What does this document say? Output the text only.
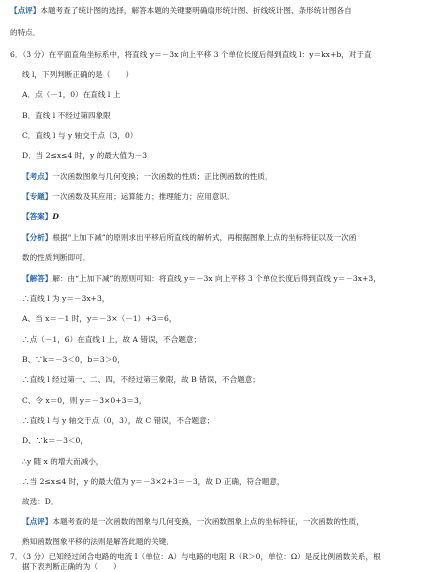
【点评】本题考查了统计图的选择，解答本题的关键要明确扇形统计图、折线统计图、条形统计图各自
的特点．
6．（3 分）在平面直角坐标系中，将直线 y＝－3x 向上平移 3 个单位长度后得到直线 l：y＝kx+b，对于直
线 l，下列判断正确的是（　　）
A．点（－1，0）在直线 l 上
B．直线 l 不经过第四象限
C．直线 l 与 y 轴交于点（3，0）
D．当 2≤x≤4 时，y 的最大值为－3
【考点】一次函数图象与几何变换；一次函数的性质；正比例函数的性质．
【专题】一次函数及其应用；运算能力；推理能力；应用意识．
【答案】D
【分析】根据“上加下减”的原则求出平移后所直线的解析式，再根据图象上点的坐标特征以及一次函
数的性质判断即可．
【解答】解：由“上加下减”的原则可知：将直线 y＝－3x 向上平移 3 个单位长度后得到直线 y＝－3x+3，
∴直线 l 为 y＝－3x+3，
A、当 x＝－1 时，y＝－3×（－1）+3＝6，
∴点（－1，6）在直线 l 上，故 A 错误，不合题意；
B、∵k＝－3＜0，b＝3＞0，
∴直线 l 经过第一、二、四，不经过第三象限，故 B 错误，不合题意；
C、令 x＝0，则 y＝－3×0+3＝3，
∴直线 l 与 y 轴交于点（0，3），故 C 错误，不合题意；
D、∵k＝－3＜0，
∴y 随 x 的增大而减小，
∴当 2≤x≤4 时，y 的最大值为 y＝－3×2+3＝－3，故 D 正确，符合题意，
故选：D．
【点评】本题考查的是一次函数的图象与几何变换，一次函数图象上点的坐标特征，一次函数的性质，
熟知函数图象平移的法则是解答此题的关键．
7．（3 分）已知经过闭合电路的电流 I（单位：A）与电路的电阻 R（R＞0，单位：Ω）是反比例函数关系，根
据下表判断正确的为（　　）
